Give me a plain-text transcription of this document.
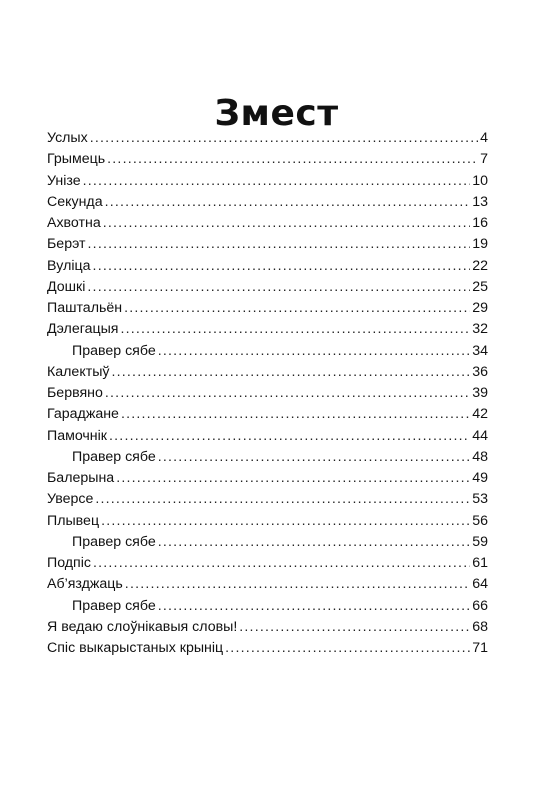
Змест
Услых .....	4
Грымець .....	7
Унізе .....	10
Секунда .....	13
Ахвотна .....	16
Берэт .....	19
Вуліца .....	22
Дошкі .....	25
Паштальён .....	29
Дэлегацыя .....	32
Правер сябе .....	34
Калектыў .....	36
Бервяно .....	39
Гараджане .....	42
Памочнік .....	44
Правер сябе .....	48
Балерына .....	49
Уверсе .....	53
Плывец .....	56
Правер сябе .....	59
Подпіс .....	61
Аб’язджаць .....	64
Правер сябе .....	66
Я ведаю слоўнікавыя словы! .....	68
Спіс выкарыстаных крыніц .....	71
